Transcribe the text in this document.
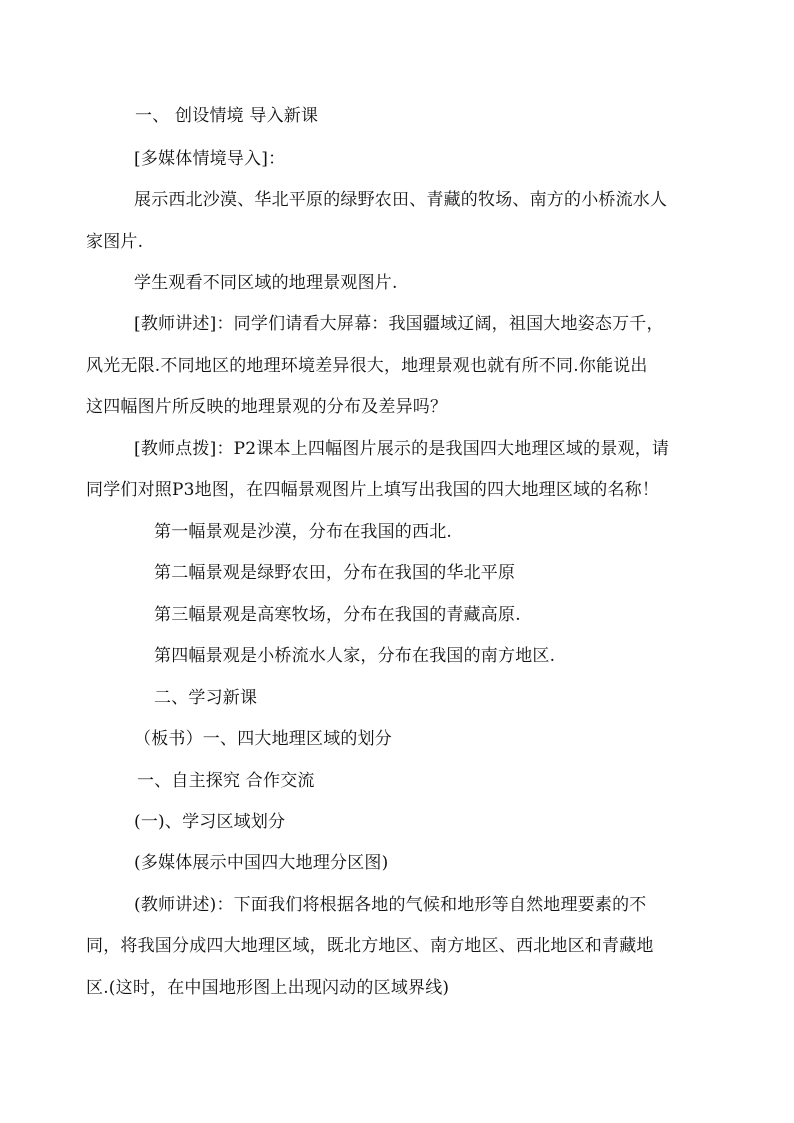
一、 创设情境 导入新课
[多媒体情境导入]：
展示西北沙漠、华北平原的绿野农田、青藏的牧场、南方的小桥流水人
家图片.
学生观看不同区域的地理景观图片.
[教师讲述]：同学们请看大屏幕：我国疆域辽阔，祖国大地姿态万千，
风光无限.不同地区的地理环境差异很大，地理景观也就有所不同.你能说出
这四幅图片所反映的地理景观的分布及差异吗？
[教师点拨]：P2课本上四幅图片展示的是我国四大地理区域的景观，请
同学们对照P3地图，在四幅景观图片上填写出我国的四大地理区域的名称！
第一幅景观是沙漠，分布在我国的西北.
第二幅景观是绿野农田，分布在我国的华北平原
第三幅景观是高寒牧场，分布在我国的青藏高原.
第四幅景观是小桥流水人家，分布在我国的南方地区.
二、学习新课
（板书）一、四大地理区域的划分
一、自主探究 合作交流
(一)、学习区域划分
(多媒体展示中国四大地理分区图)
(教师讲述)：下面我们将根据各地的气候和地形等自然地理要素的不
同，将我国分成四大地理区域，既北方地区、南方地区、西北地区和青藏地
区.(这时，在中国地形图上出现闪动的区域界线)
